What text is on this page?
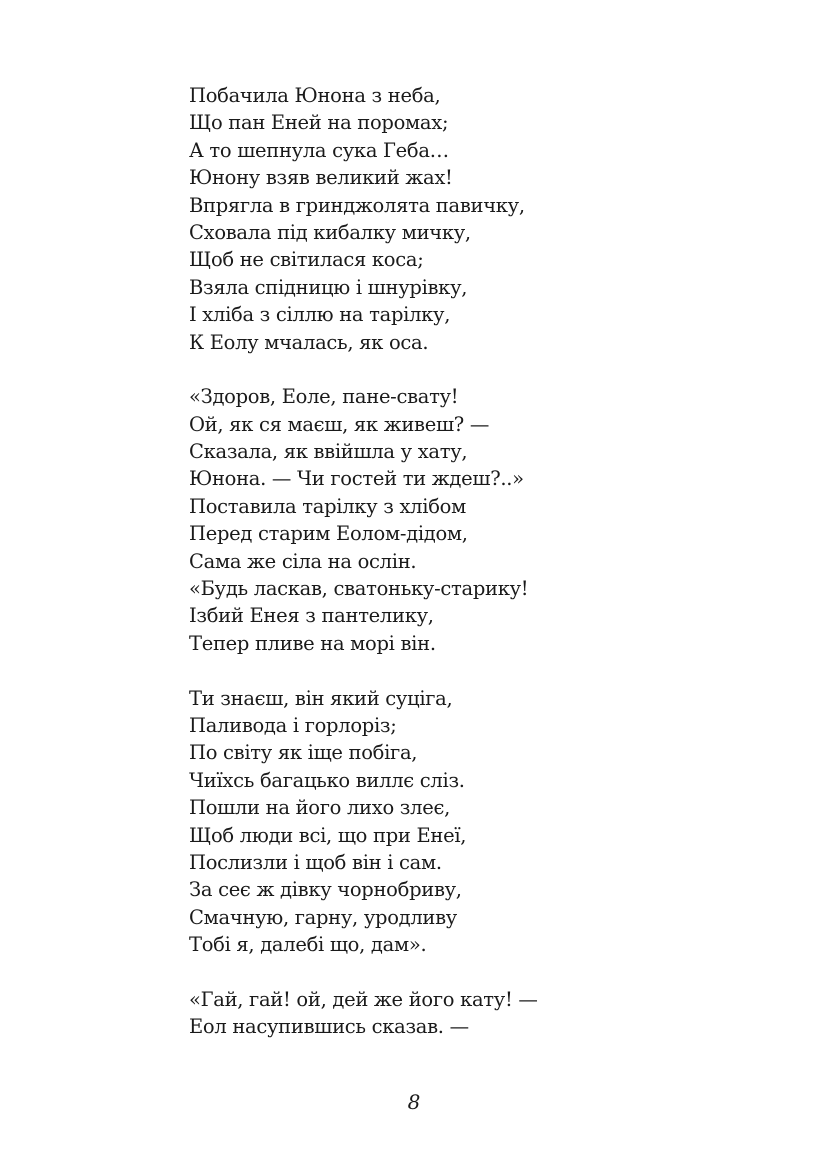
Побачила Юнона з неба,
Що пан Еней на поромах;
А то шепнула сука Геба…
Юнону взяв великий жах!
Впрягла в гринджолята павичку,
Сховала під кибалку мичку,
Щоб не світилася коса;
Взяла спідницю і шнурівку,
І хліба з сіллю на тарілку,
К Еолу мчалась, як оса.
«Здоров, Еоле, пане-свату!
Ой, як ся маєш, як живеш? —
Сказала, як ввійшла у хату,
Юнона. — Чи гостей ти ждеш?..»
Поставила тарілку з хлібом
Перед старим Еолом-дідом,
Сама же сіла на ослін.
«Будь ласкав, сватоньку-старику!
Ізбий Енея з пантелику,
Тепер пливе на морі він.
Ти знаєш, він який суціга,
Паливода і горлоріз;
По світу як іще побіга,
Чиїхсь багацько виллє сліз.
Пошли на його лихо злеє,
Щоб люди всі, що при Енеї,
Послизли і щоб він і сам.
За сеє ж дівку чорнобриву,
Смачную, гарну, уродливу
Тобі я, далебі що, дам».
«Гай, гай! ой, дей же його кату! —
Еол насупившись сказав. —
8
